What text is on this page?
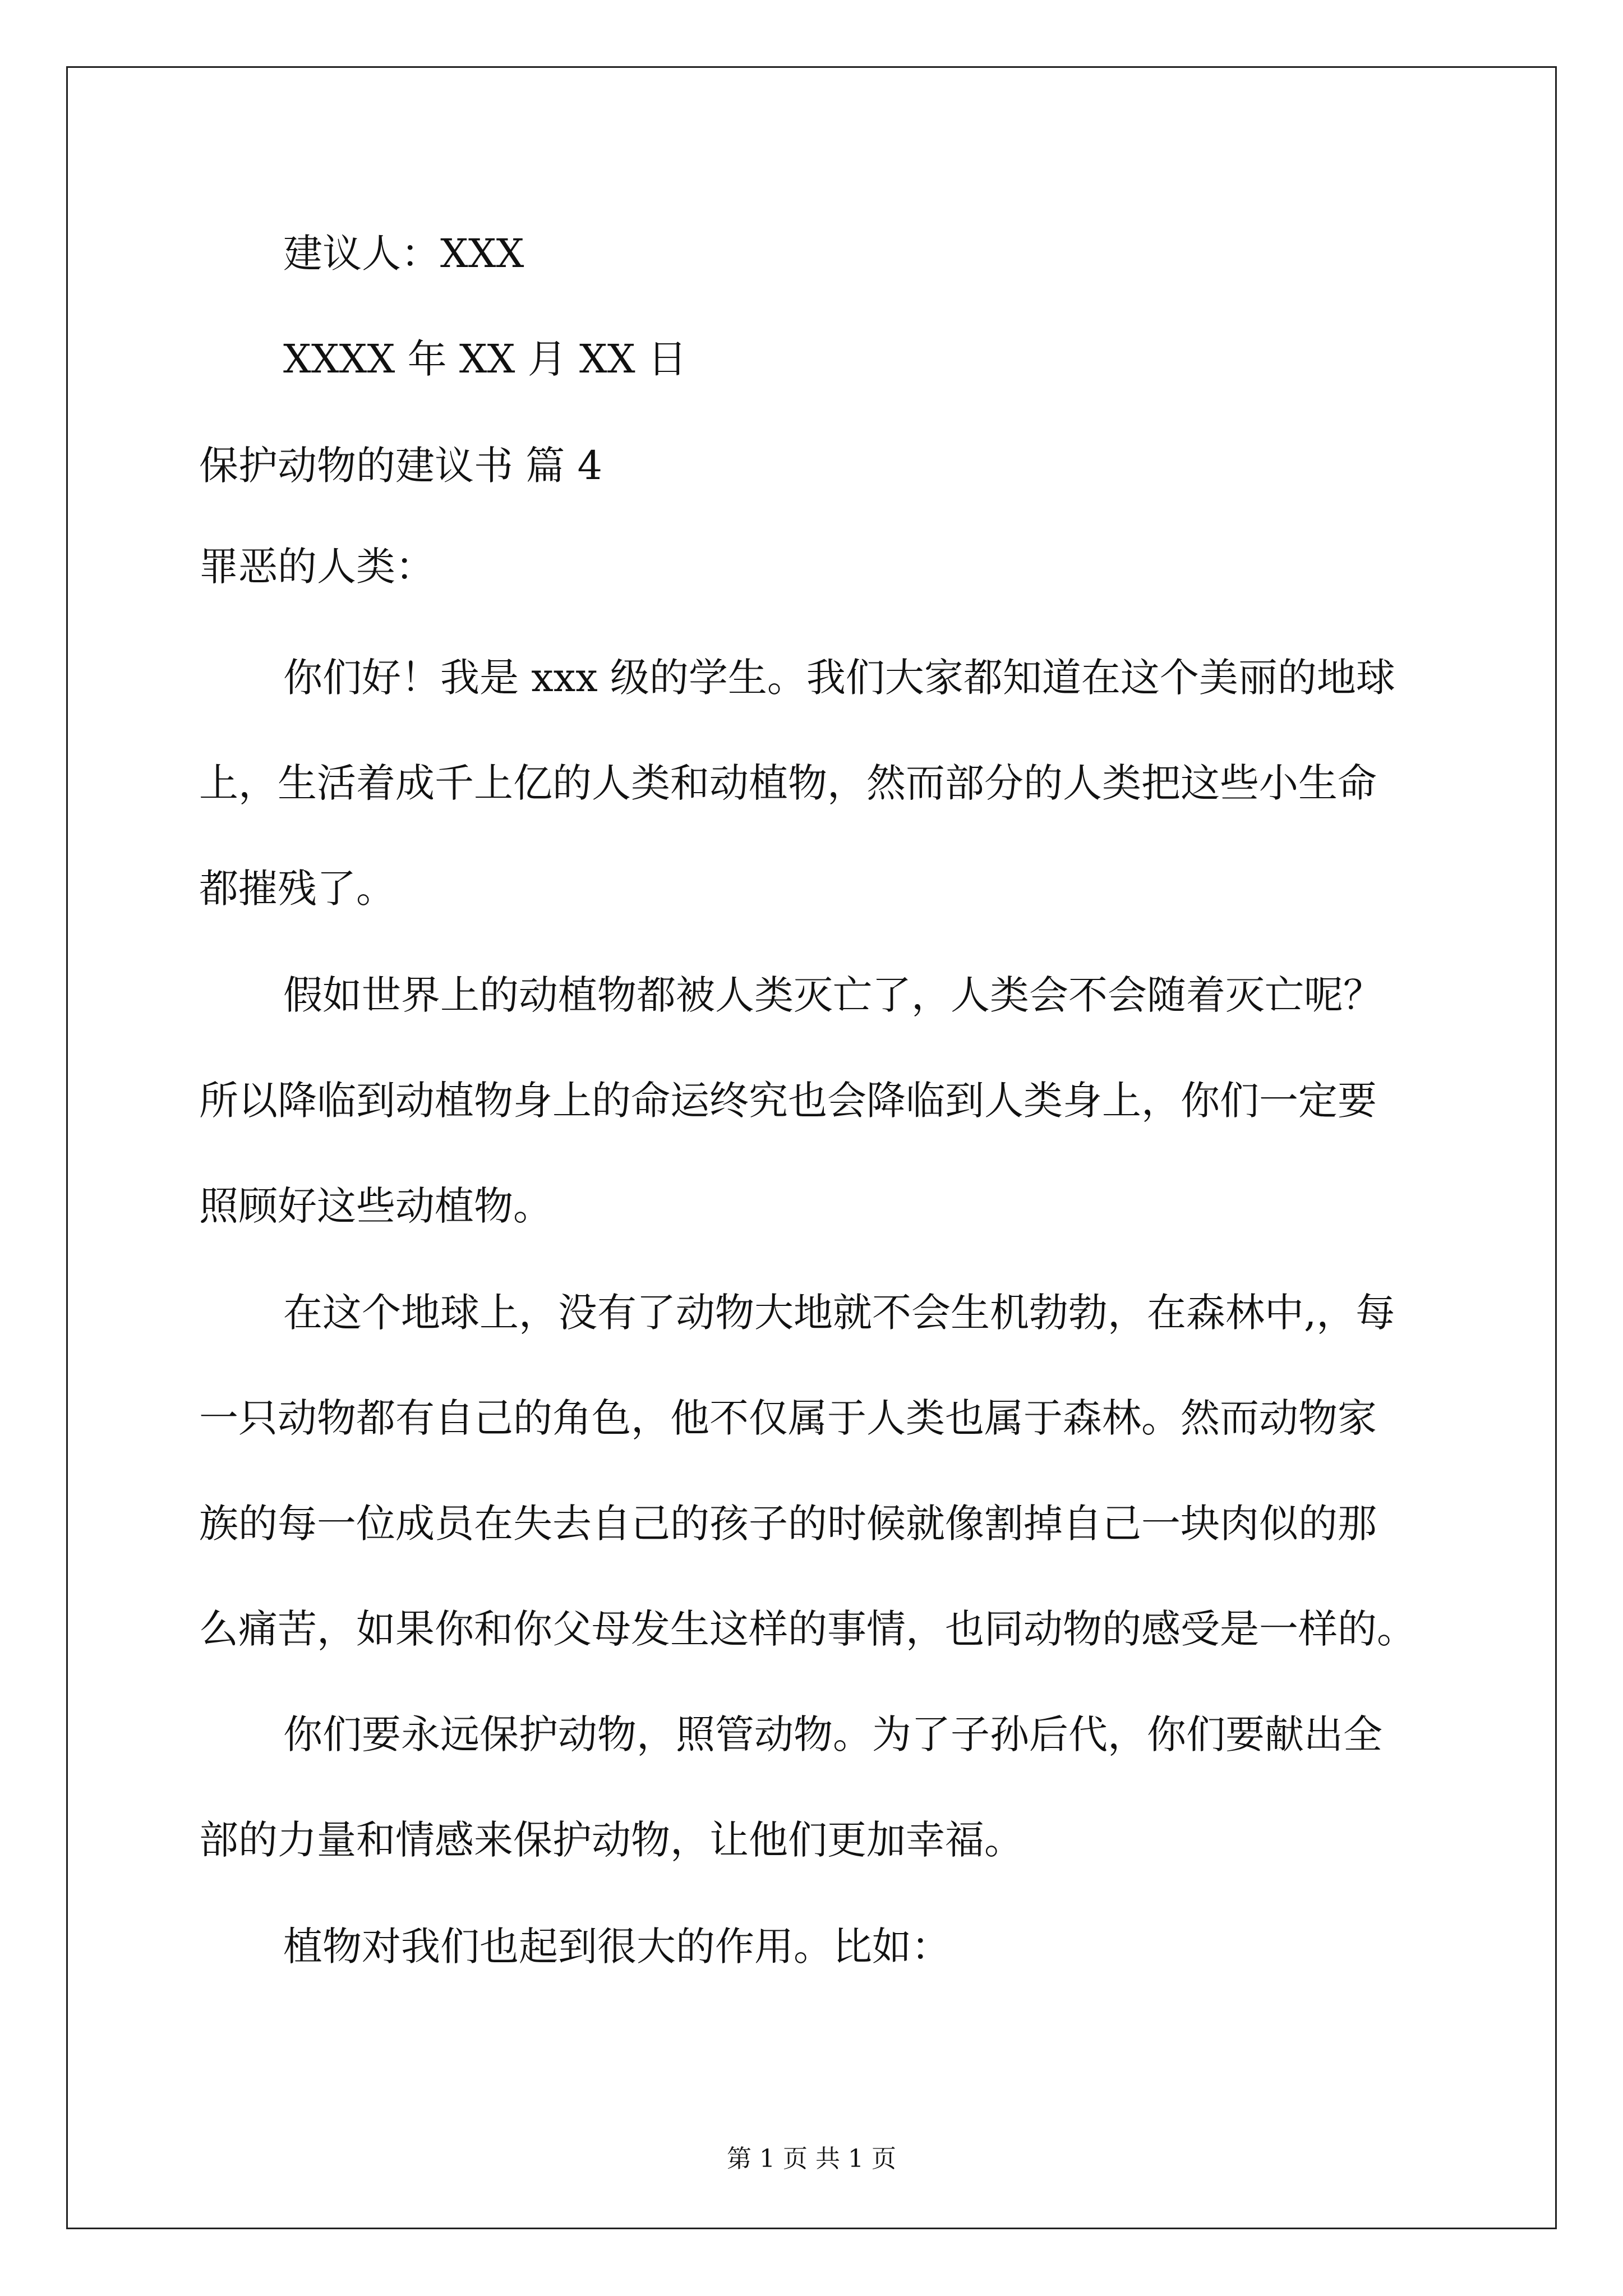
建议人：XXX
XXXX 年 XX 月 XX 日
保护动物的建议书 篇 4
罪恶的人类：
你们好！我是 xxx 级的学生。我们大家都知道在这个美丽的地球
上，生活着成千上亿的人类和动植物，然而部分的人类把这些小生命
都摧残了。
假如世界上的动植物都被人类灭亡了，人类会不会随着灭亡呢？
所以降临到动植物身上的命运终究也会降临到人类身上，你们一定要
照顾好这些动植物。
在这个地球上，没有了动物大地就不会生机勃勃，在森林中,，每
一只动物都有自己的角色，他不仅属于人类也属于森林。然而动物家
族的每一位成员在失去自己的孩子的时候就像割掉自己一块肉似的那
么痛苦，如果你和你父母发生这样的事情，也同动物的感受是一样的。
你们要永远保护动物，照管动物。为了子孙后代，你们要献出全
部的力量和情感来保护动物，让他们更加幸福。
植物对我们也起到很大的作用。比如：
第 1 页 共 1 页
